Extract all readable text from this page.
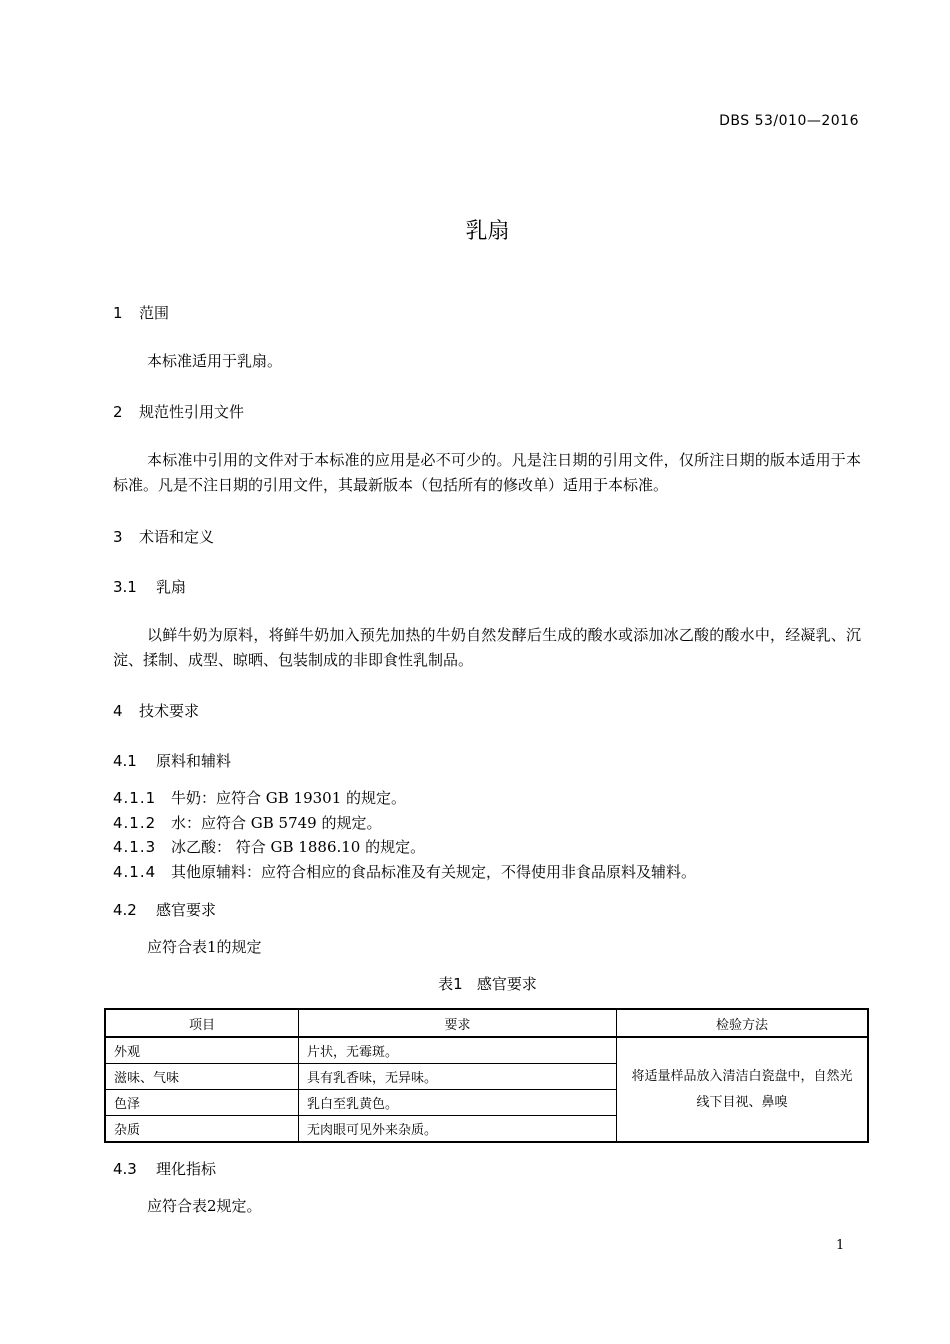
DBS 53/010—2016
乳扇
1 范围
本标准适用于乳扇。
2 规范性引用文件
本标准中引用的文件对于本标准的应用是必不可少的。凡是注日期的引用文件，仅所注日期的版本适用于本标准。凡是不注日期的引用文件，其最新版本（包括所有的修改单）适用于本标准。
3 术语和定义
3.1 乳扇
以鲜牛奶为原料，将鲜牛奶加入预先加热的牛奶自然发酵后生成的酸水或添加冰乙酸的酸水中，经凝乳、沉淀、揉制、成型、晾晒、包装制成的非即食性乳制品。
4 技术要求
4.1 原料和辅料
4.1.1 牛奶：应符合 GB 19301 的规定。
4.1.2 水：应符合 GB 5749 的规定。
4.1.3 冰乙酸： 符合 GB 1886.10 的规定。
4.1.4 其他原辅料：应符合相应的食品标准及有关规定，不得使用非食品原料及辅料。
4.2 感官要求
应符合表1的规定
表1 感官要求
项目	要求	检验方法
外观	片状，无霉斑。	将适量样品放入清洁白瓷盘中，自然光线下目视、鼻嗅
滋味、气味	具有乳香味，无异味。	
色泽	乳白至乳黄色。	
杂质	无肉眼可见外来杂质。	
4.3 理化指标
应符合表2规定。
1
